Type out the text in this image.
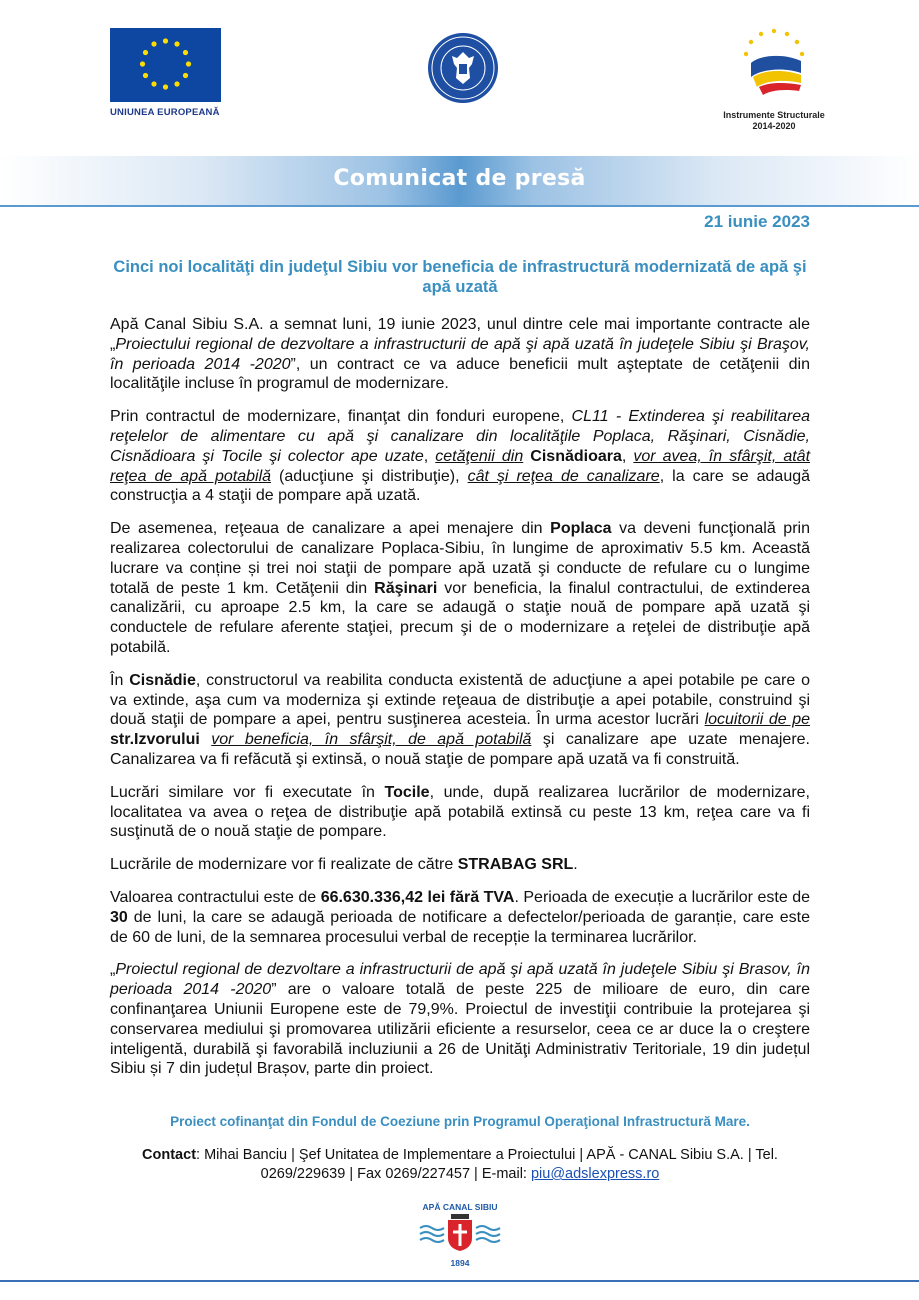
UNIUNEA EUROPEANĂ	Instrumente Structurale
2014-2020
Comunicat de presă
21 iunie 2023
Cinci noi localităţi din judeţul Sibiu vor beneficia de infrastructură modernizată de apă şi apă uzată

Apă Canal Sibiu S.A. a semnat luni, 19 iunie 2023, unul dintre cele mai importante contracte ale „Proiectului regional de dezvoltare a infrastructurii de apă şi apă uzată în judeţele Sibiu şi Braşov, în perioada 2014 -2020”, un contract ce va aduce beneficii mult aşteptate de cetăţenii din localităţile incluse în programul de modernizare.

Prin contractul de modernizare, finanţat din fonduri europene, CL11 - Extinderea şi reabilitarea reţelelor de alimentare cu apă şi canalizare din localităţile Poplaca, Răşinari, Cisnădie, Cisnădioara şi Tocile şi colector ape uzate, cetăţenii din Cisnădioara, vor avea, în sfârşit, atât reţea de apă potabilă (aducţiune şi distribuţie), cât şi reţea de canalizare, la care se adaugă construcţia a 4 staţii de pompare apă uzată.

De asemenea, reţeaua de canalizare a apei menajere din Poplaca va deveni funcţională prin realizarea colectorului de canalizare Poplaca-Sibiu, în lungime de aproximativ 5.5 km. Această lucrare va conține și trei noi staţii de pompare apă uzată şi conducte de refulare cu o lungime totală de peste 1 km. Cetăţenii din Răşinari vor beneficia, la finalul contractului, de extinderea canalizării, cu aproape 2.5 km, la care se adaugă o staţie nouă de pompare apă uzată şi conductele de refulare aferente staţiei, precum şi de o modernizare a reţelei de distribuţie apă potabilă.

În Cisnădie, constructorul va reabilita conducta existentă de aducţiune a apei potabile pe care o va extinde, aşa cum va moderniza şi extinde reţeaua de distribuţie a apei potabile, construind şi două staţii de pompare a apei, pentru susţinerea acesteia. În urma acestor lucrări locuitorii de pe str.Izvorului vor beneficia, în sfârşit, de apă potabilă şi canalizare ape uzate menajere. Canalizarea va fi refăcută şi extinsă, o nouă staţie de pompare apă uzată va fi construită.

Lucrări similare vor fi executate în Tocile, unde, după realizarea lucrărilor de modernizare, localitatea va avea o reţea de distribuţie apă potabilă extinsă cu peste 13 km, reţea care va fi susţinută de o nouă staţie de pompare.

Lucrările de modernizare vor fi realizate de către STRABAG SRL.

Valoarea contractului este de 66.630.336,42 lei fără TVA. Perioada de execuție a lucrărilor este de 30 de luni, la care se adaugă perioada de notificare a defectelor/perioada de garanție, care este de 60 de luni, de la semnarea procesului verbal de recepție la terminarea lucrărilor.

„Proiectul regional de dezvoltare a infrastructurii de apă şi apă uzată în judeţele Sibiu şi Brasov, în perioada 2014 -2020” are o valoare totală de peste 225 de milioare de euro, din care confinanţarea Uniunii Europene este de 79,9%. Proiectul de investiţii contribuie la protejarea şi conservarea mediului şi promovarea utilizării eficiente a resurselor, ceea ce ar duce la o creştere inteligentă, durabilă şi favorabilă incluziunii a 26 de Unităţi Administrativ Teritoriale, 19 din județul Sibiu și 7 din județul Brașov, parte din proiect.

Proiect cofinanţat din Fondul de Coeziune prin Programul Operaţional Infrastructură Mare.
Contact: Mihai Banciu | Şef Unitatea de Implementare a Proiectului | APĂ - CANAL Sibiu S.A. | Tel. 0269/229639 | Fax 0269/227457 | E-mail: piu@adslexpress.ro
APĂ CANAL SIBIU
1894
